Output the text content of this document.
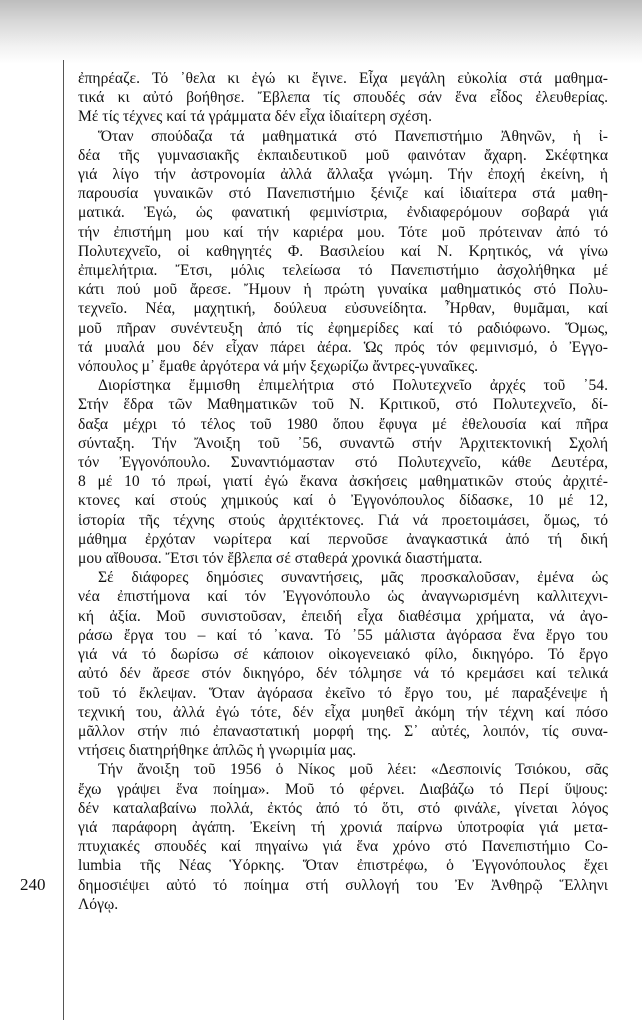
240
ἐπηρέαζε. Τό ᾽θελα κι ἐγώ κι ἔγινε. Εἶχα μεγάλη εὐκολία στά μαθημα-
τικά κι αὐτό βοήθησε. Ἔβλεπα τίς σπουδές σάν ἕνα εἶδος ἐλευθερίας.
Μέ τίς τέχνες καί τά γράμματα δέν εἶχα ἰδιαίτερη σχέση.
Ὅταν σπούδαζα τά μαθηματικά στό Πανεπιστήμιο Ἀθηνῶν, ἡ ἰ-
δέα τῆς γυμνασιακῆς ἐκπαιδευτικοῦ μοῦ φαινόταν ἄχαρη. Σκέφτηκα
γιά λίγο τήν ἀστρονομία ἀλλά ἄλλαξα γνώμη. Τήν ἐποχή ἐκείνη, ἡ
παρουσία γυναικῶν στό Πανεπιστήμιο ξένιζε καί ἰδιαίτερα στά μαθη-
ματικά. Ἐγώ, ὡς φανατική φεμινίστρια, ἐνδιαφερόμουν σοβαρά γιά
τήν ἐπιστήμη μου καί τήν καριέρα μου. Τότε μοῦ πρότειναν ἀπό τό
Πολυτεχνεῖο, οἱ καθηγητές Φ. Βασιλείου καί Ν. Κρητικός, νά γίνω
ἐπιμελήτρια. Ἔτσι, μόλις τελείωσα τό Πανεπιστήμιο ἀσχολήθηκα μέ
κάτι πού μοῦ ἄρεσε. Ἤμουν ἡ πρώτη γυναίκα μαθηματικός στό Πολυ-
τεχνεῖο. Νέα, μαχητική, δούλευα εὐσυνείδητα. Ἦρθαν, θυμᾶμαι, καί
μοῦ πῆραν συνέντευξη ἀπό τίς ἐφημερίδες καί τό ραδιόφωνο. Ὅμως,
τά μυαλά μου δέν εἶχαν πάρει ἀέρα. Ὡς πρός τόν φεμινισμό, ὁ Ἐγγο-
νόπουλος μ᾽ ἔμαθε ἀργότερα νά μήν ξεχωρίζω ἄντρες-γυναῖκες.
Διορίστηκα ἔμμισθη ἐπιμελήτρια στό Πολυτεχνεῖο ἀρχές τοῦ ᾽54.
Στήν ἕδρα τῶν Μαθηματικῶν τοῦ Ν. Κριτικοῦ, στό Πολυτεχνεῖο, δί-
δαξα μέχρι τό τέλος τοῦ 1980 ὅπου ἔφυγα μέ ἐθελουσία καί πῆρα
σύνταξη. Τήν Ἄνοιξη τοῦ ᾽56, συναντῶ στήν Ἀρχιτεκτονική Σχολή
τόν Ἐγγονόπουλο. Συναντιόμασταν στό Πολυτεχνεῖο, κάθε Δευτέρα,
8 μέ 10 τό πρωί, γιατί ἐγώ ἔκανα ἀσκήσεις μαθηματικῶν στούς ἀρχιτέ-
κτονες καί στούς χημικούς καί ὁ Ἐγγονόπουλος δίδασκε, 10 μέ 12,
ἱστορία τῆς τέχνης στούς ἀρχιτέκτονες. Γιά νά προετοιμάσει, ὅμως, τό
μάθημα ἐρχόταν νωρίτερα καί περνοῦσε ἀναγκαστικά ἀπό τή δική
μου αἴθουσα. Ἔτσι τόν ἔβλεπα σέ σταθερά χρονικά διαστήματα.
Σέ διάφορες δημόσιες συναντήσεις, μᾶς προσκαλοῦσαν, ἐμένα ὡς
νέα ἐπιστήμονα καί τόν Ἐγγονόπουλο ὡς ἀναγνωρισμένη καλλιτεχνι-
κή ἀξία. Μοῦ συνιστοῦσαν, ἐπειδή εἶχα διαθέσιμα χρήματα, νά ἀγο-
ράσω ἔργα του – καί τό ᾽κανα. Τό ᾽55 μάλιστα ἀγόρασα ἕνα ἔργο του
γιά νά τό δωρίσω σέ κάποιον οἰκογενειακό φίλο, δικηγόρο. Τό ἔργο
αὐτό δέν ἄρεσε στόν δικηγόρο, δέν τόλμησε νά τό κρεμάσει καί τελικά
τοῦ τό ἔκλεψαν. Ὅταν ἀγόρασα ἐκεῖνο τό ἔργο του, μέ παραξένεψε ἡ
τεχνική του, ἀλλά ἐγώ τότε, δέν εἶχα μυηθεῖ ἀκόμη τήν τέχνη καί πόσο
μᾶλλον στήν πιό ἐπαναστατική μορφή της. Σ᾽ αὐτές, λοιπόν, τίς συνα-
ντήσεις διατηρήθηκε ἁπλῶς ἡ γνωριμία μας.
Τήν ἄνοιξη τοῦ 1956 ὁ Νίκος μοῦ λέει: «Δεσποινίς Τσιόκου, σᾶς
ἔχω γράψει ἕνα ποίημα». Μοῦ τό φέρνει. Διαβάζω τό Περί ὕψους:
δέν καταλαβαίνω πολλά, ἐκτός ἀπό τό ὅτι, στό φινάλε, γίνεται λόγος
γιά παράφορη ἀγάπη. Ἐκείνη τή χρονιά παίρνω ὑποτροφία γιά μετα-
πτυχιακές σπουδές καί πηγαίνω γιά ἕνα χρόνο στό Πανεπιστήμιο Co-
lumbia τῆς Νέας Ὑόρκης. Ὅταν ἐπιστρέφω, ὁ Ἐγγονόπουλος ἔχει
δημοσιέψει αὐτό τό ποίημα στή συλλογή του Ἐν Ἀνθηρῷ Ἕλληνι
Λόγῳ.
